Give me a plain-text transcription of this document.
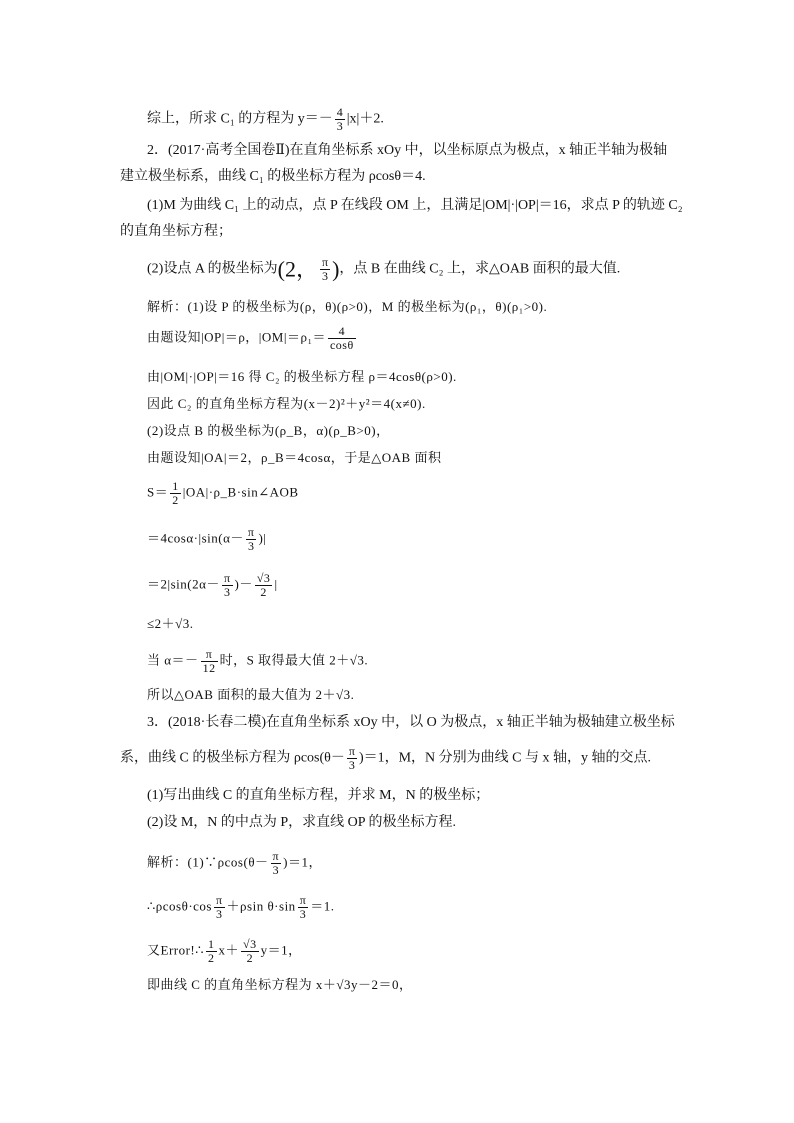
综上，所求 C₁ 的方程为 $y=- \frac{4}{3} |x|+2$.
2．(2017·高考全国卷Ⅱ)在直角坐标系 xOy 中，以坐标原点为极点，x 轴正半轴为极轴
建立极坐标系，曲线 C₁ 的极坐标方程为 ρcosθ＝4.
(1)M 为曲线 C₁ 上的动点，点 P 在线段 OM 上，且满足|OM|·|OP|＝16，求点 P 的轨迹 C₂
的直角坐标方程；
(2)设点 A 的极坐标为(2， $\frac{\pi}{3}$ )，点 B 在曲线 C₂ 上，求△OAB 面积的最大值.
解析：(1)设 P 的极坐标为(ρ，θ)(ρ>0)，M 的极坐标为(ρ₁，θ)(ρ₁>0).
由题设知|OP|＝ρ，$|OM|=\rho_1= \frac{4}{\cos\theta}$
由|OM|·|OP|＝16 得 C₂ 的极坐标方程 ρ＝4cosθ(ρ>0).
因此 C₂ 的直角坐标方程为(x－2)²＋y²＝4(x≠0).
(2)设点 B 的极坐标为(ρ_B，α)(ρ_B>0)，
由题设知|OA|＝2，ρ_B＝4cosα，于是△OAB 面积
$S= \frac{1}{2}$ |OA|·ρ_B·sin∠AOB
$=4\cos\alpha\cdot|\sin(\alpha- \frac{\pi}{3}$ )|
$=2|\sin(2\alpha- \frac{\pi}{3}$ )－ $\frac{√3}{2}$ |
≤2＋√3.
当 $\alpha=- \frac{\pi}{12}$ 时，S 取得最大值 2＋√3.
所以△OAB 面积的最大值为 2＋√3.
3．(2018·长春二模)在直角坐标系 xOy 中，以 O 为极点，x 轴正半轴为极轴建立极坐标
系，曲线 C 的极坐标方程为 $\rho\cos(\theta- \frac{\pi}{3} )=1$，M，N 分别为曲线 C 与 x 轴，y 轴的交点.
(1)写出曲线 C 的直角坐标方程，并求 M，N 的极坐标；
(2)设 M，N 的中点为 P，求直线 OP 的极坐标方程.
解析：(1)∵ρcos(θ－ $\frac{\pi}{3} )=1$，
∴ρcosθ·cos $\frac{\pi}{3} +\rho\sin$ $\theta\cdot\sin \frac{\pi}{3} =1$.
又Error!∴ $\frac{1}{2} x+ \frac{√3}{2} y=1$，
即曲线 C 的直角坐标方程为 x＋√3y－2＝0，
